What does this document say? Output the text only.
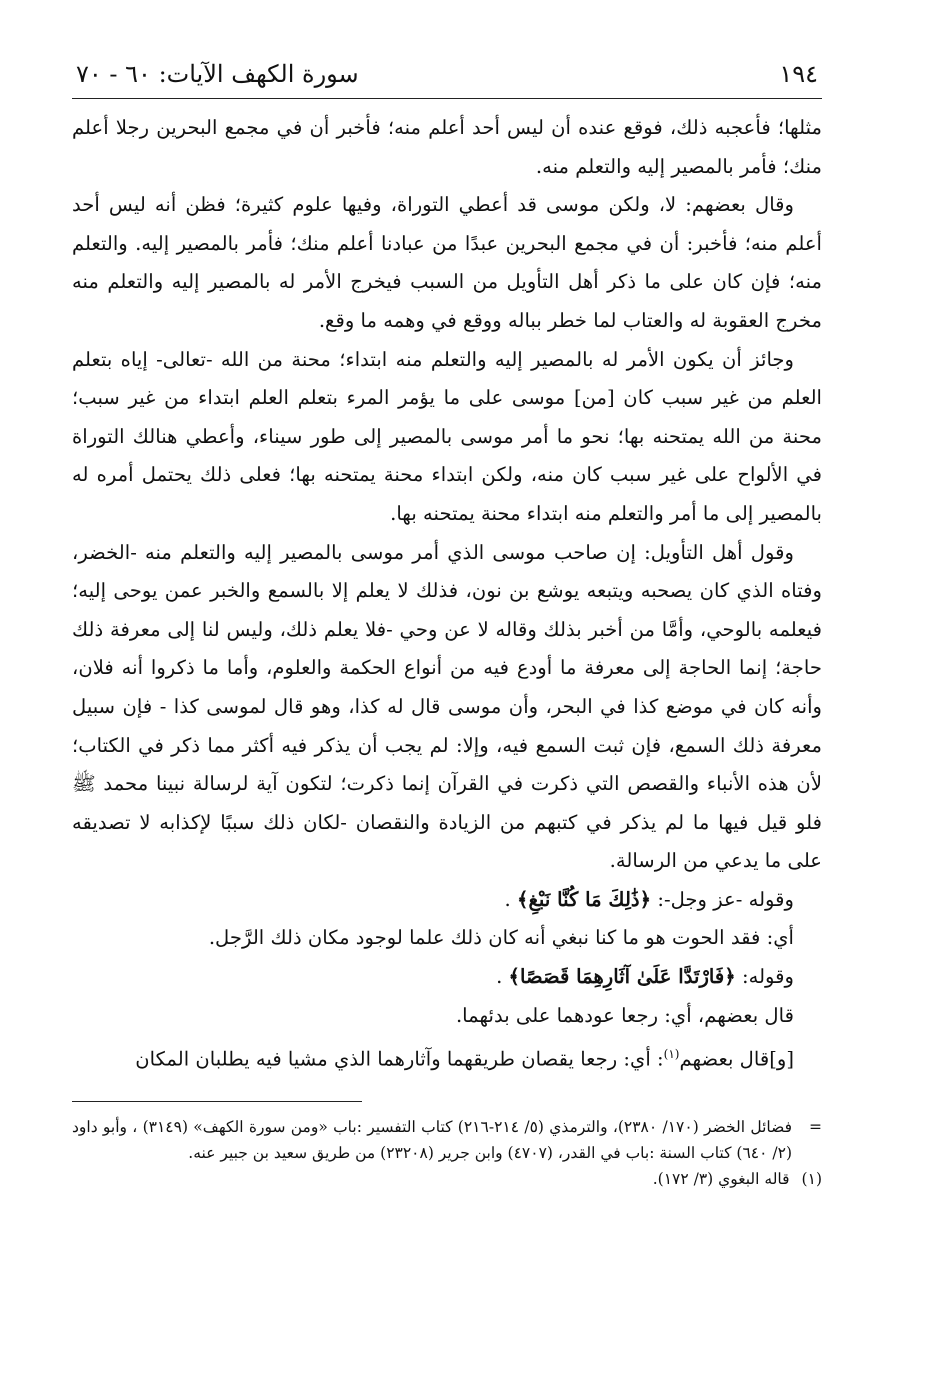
١٩٤
سورة الكهف الآيات: ٦٠ - ٧٠

مثلها؛ فأعجبه ذلك، فوقع عنده أن ليس أحد أعلم منه؛ فأخبر أن في مجمع البحرين رجلا أعلم منك؛ فأمر بالمصير إليه والتعلم منه.

وقال بعضهم: لا، ولكن موسى قد أعطي التوراة، وفيها علوم كثيرة؛ فظن أنه ليس أحد أعلم منه؛ فأخبر: أن في مجمع البحرين عبدًا من عبادنا أعلم منك؛ فأمر بالمصير إليه. والتعلم منه؛ فإن كان على ما ذكر أهل التأويل من السبب فيخرج الأمر له بالمصير إليه والتعلم منه مخرج العقوبة له والعتاب لما خطر بباله ووقع في وهمه ما وقع.

وجائز أن يكون الأمر له بالمصير إليه والتعلم منه ابتداء؛ محنة من الله -تعالى- إياه بتعلم العلم من غير سبب كان [من] موسى على ما يؤمر المرء بتعلم العلم ابتداء من غير سبب؛ محنة من الله يمتحنه بها؛ نحو ما أمر موسى بالمصير إلى طور سيناء، وأعطي هنالك التوراة في الألواح على غير سبب كان منه، ولكن ابتداء محنة يمتحنه بها؛ فعلى ذلك يحتمل أمره له بالمصير إلى ما أمر والتعلم منه ابتداء محنة يمتحنه بها.

وقول أهل التأويل: إن صاحب موسى الذي أمر موسى بالمصير إليه والتعلم منه -الخضر، وفتاه الذي كان يصحبه ويتبعه يوشع بن نون، فذلك لا يعلم إلا بالسمع والخبر عمن يوحى إليه؛ فيعلمه بالوحي، وأمَّا من أخبر بذلك وقاله لا عن وحي -فلا يعلم ذلك، وليس لنا إلى معرفة ذلك حاجة؛ إنما الحاجة إلى معرفة ما أودع فيه من أنواع الحكمة والعلوم، وأما ما ذكروا أنه فلان، وأنه كان في موضع كذا في البحر، وأن موسى قال له كذا، وهو قال لموسى كذا - فإن سبيل معرفة ذلك السمع، فإن ثبت السمع فيه، وإلا: لم يجب أن يذكر فيه أكثر مما ذكر في الكتاب؛ لأن هذه الأنباء والقصص التي ذكرت في القرآن إنما ذكرت؛ لتكون آية لرسالة نبينا محمد ﷺ فلو قيل فيها ما لم يذكر في كتبهم من الزيادة والنقصان -لكان ذلك سببًا لإكذابه لا تصديقه على ما يدعي من الرسالة.

وقوله -عز وجل-: ﴿ذَٰلِكَ مَا كُنَّا نَبْغِ﴾ .

أي: فقد الحوت هو ما كنا نبغي أنه كان ذلك علما لوجود مكان ذلك الرَّجل.

وقوله: ﴿فَارْتَدَّا عَلَىٰ آثَارِهِمَا قَصَصًا﴾ .

قال بعضهم، أي: رجعا عودهما على بدئهما.

[و]قال بعضهم$^{(١)}$: أي: رجعا يقصان طريقهما وآثارهما الذي مشيا فيه يطلبان المكان

=

فضائل الخضر (١٧٠/ ٢٣٨٠)، والترمذي (٥/ ٢١٤-٢١٦) كتاب التفسير :باب «ومن سورة الكهف» (٣١٤٩) ، وأبو داود (٢/ ٦٤٠) كتاب السنة :باب في القدر، (٤٧٠٧) وابن جرير (٢٣٢٠٨) من طريق سعيد بن جبير عنه.

(١)

قاله البغوي (٣/ ١٧٢).
